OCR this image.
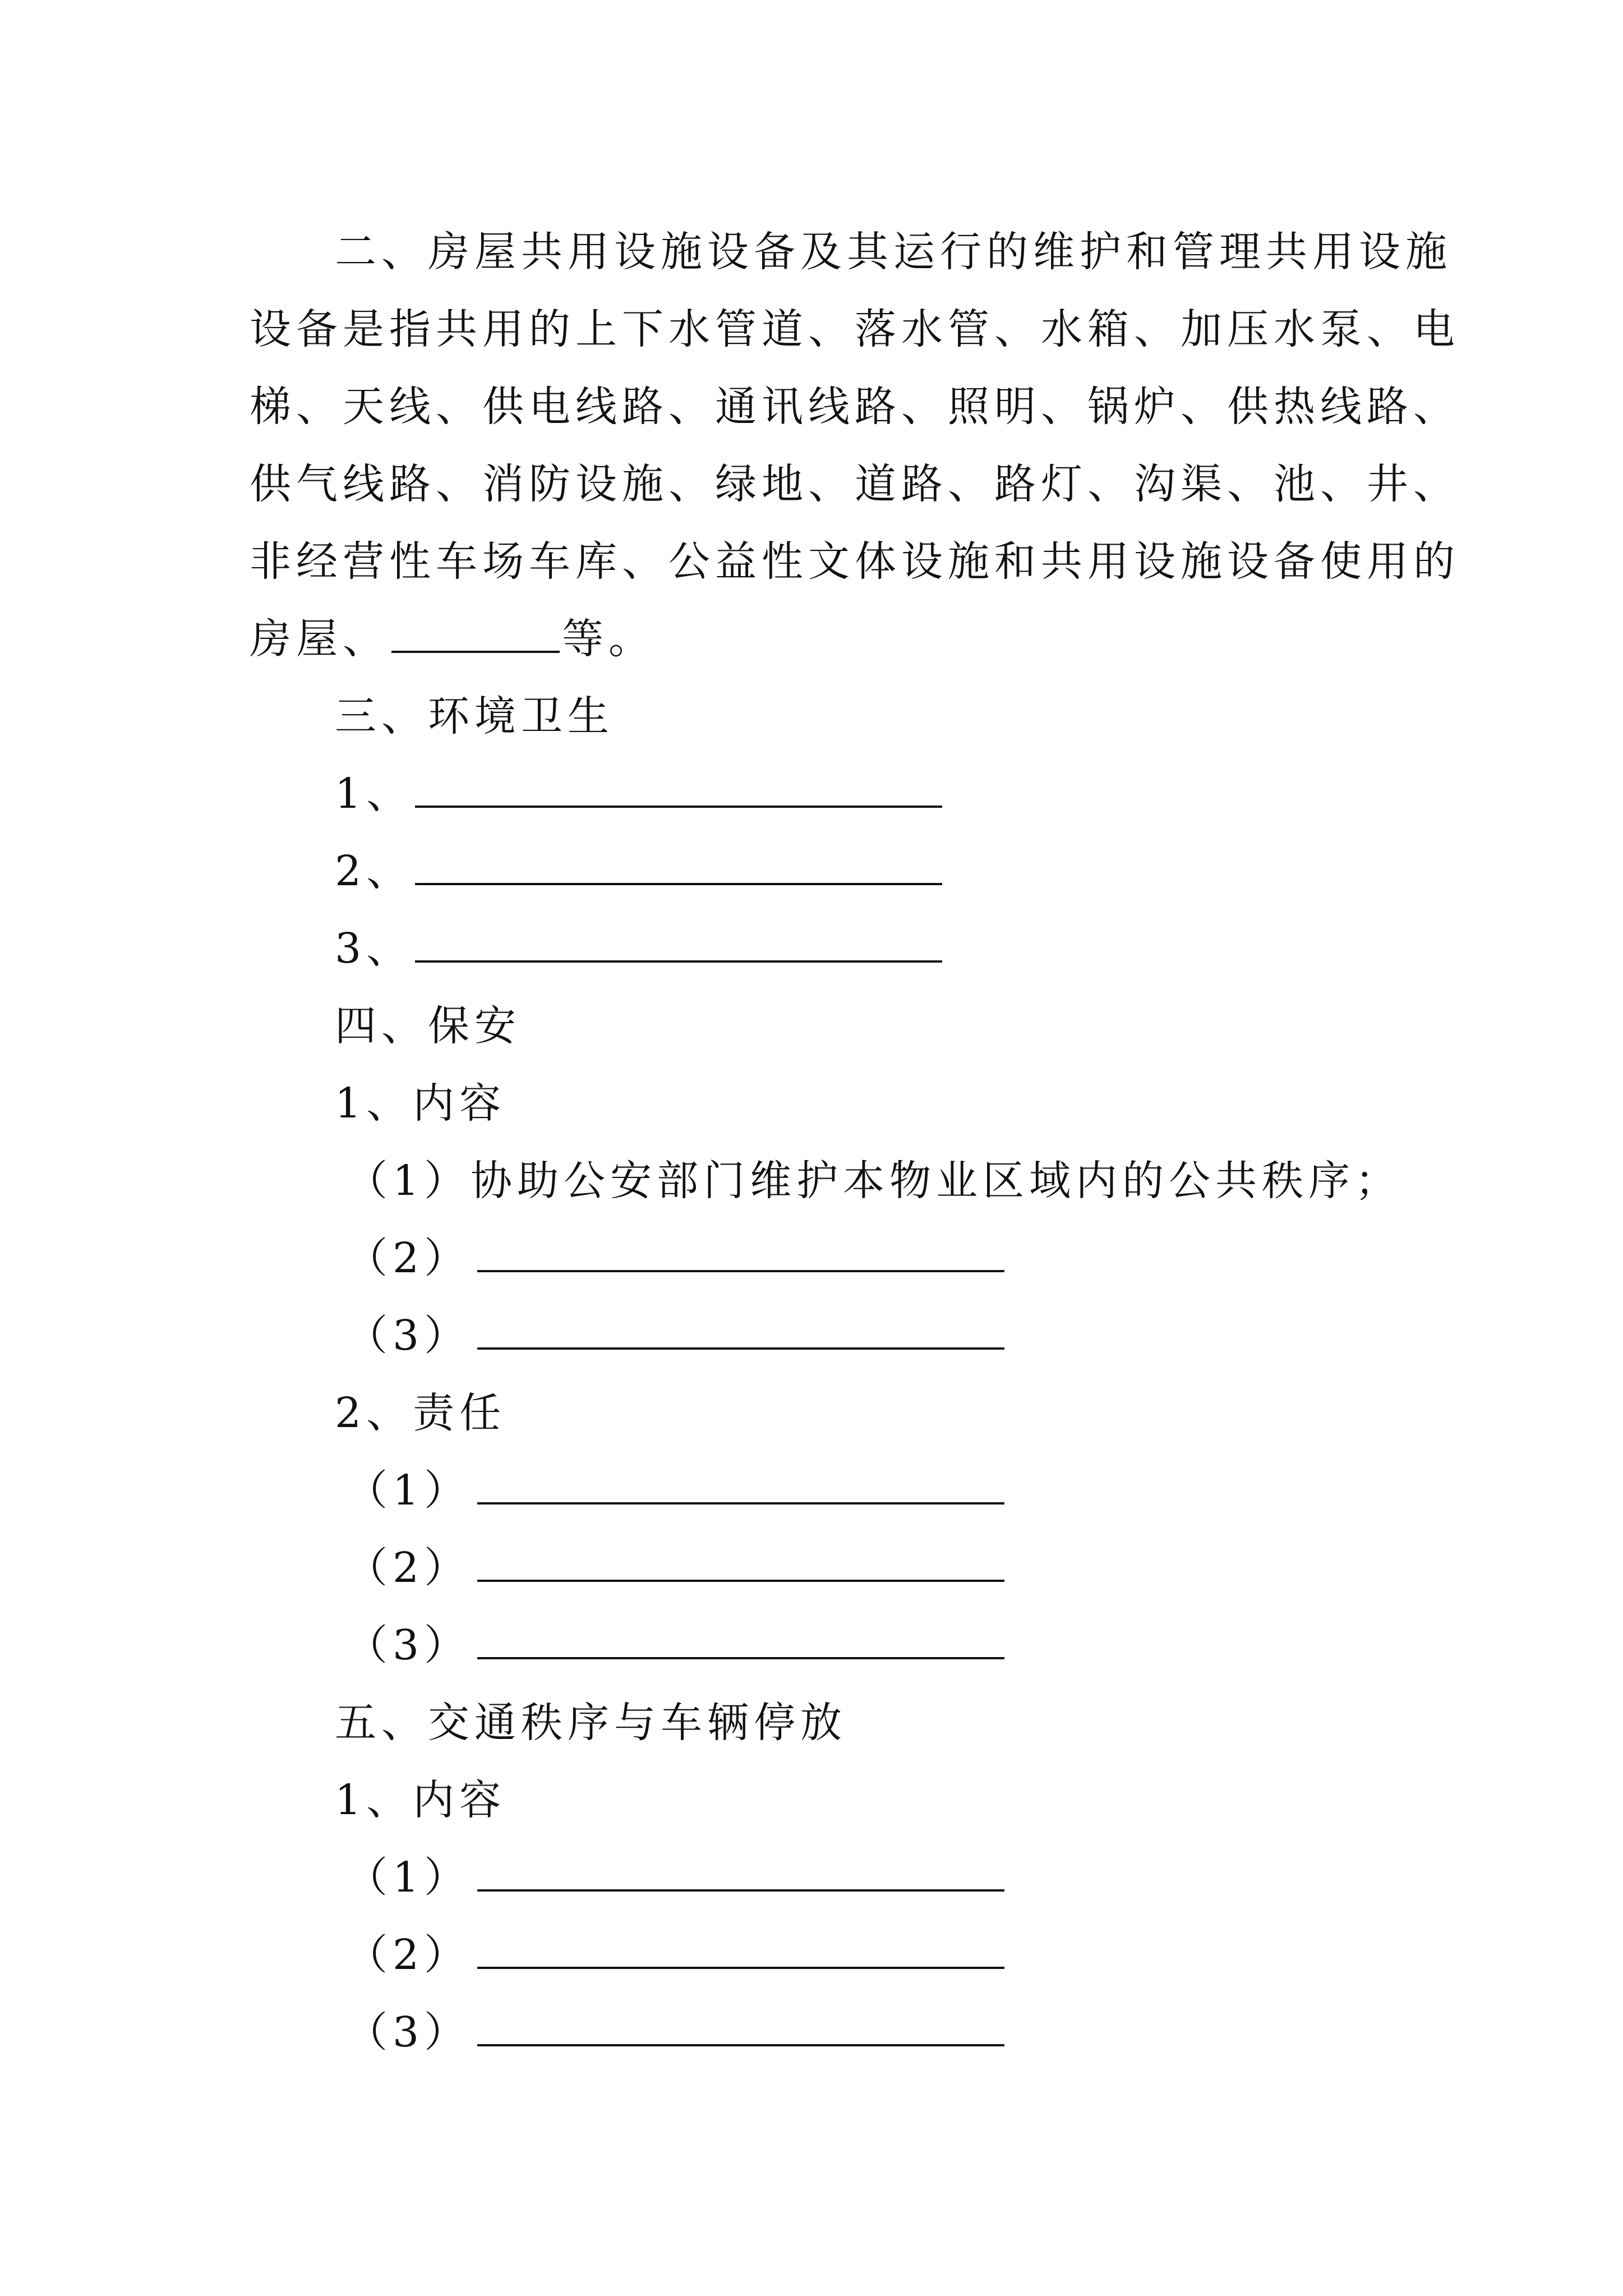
二、房屋共用设施设备及其运行的维护和管理共用设施
设备是指共用的上下水管道、落水管、水箱、加压水泵、电
梯、天线、供电线路、通讯线路、照明、锅炉、供热线路、
供气线路、消防设施、绿地、道路、路灯、沟渠、池、井、
非经营性车场车库、公益性文体设施和共用设施设备使用的
房屋、	等。
三、环境卫生
1、
2、
3、
四、保安
1、内容
（1）协助公安部门维护本物业区域内的公共秩序；
（2）
（3）
2、责任
（1）
（2）
（3）
五、交通秩序与车辆停放
1、内容
（1）
（2）
（3）
